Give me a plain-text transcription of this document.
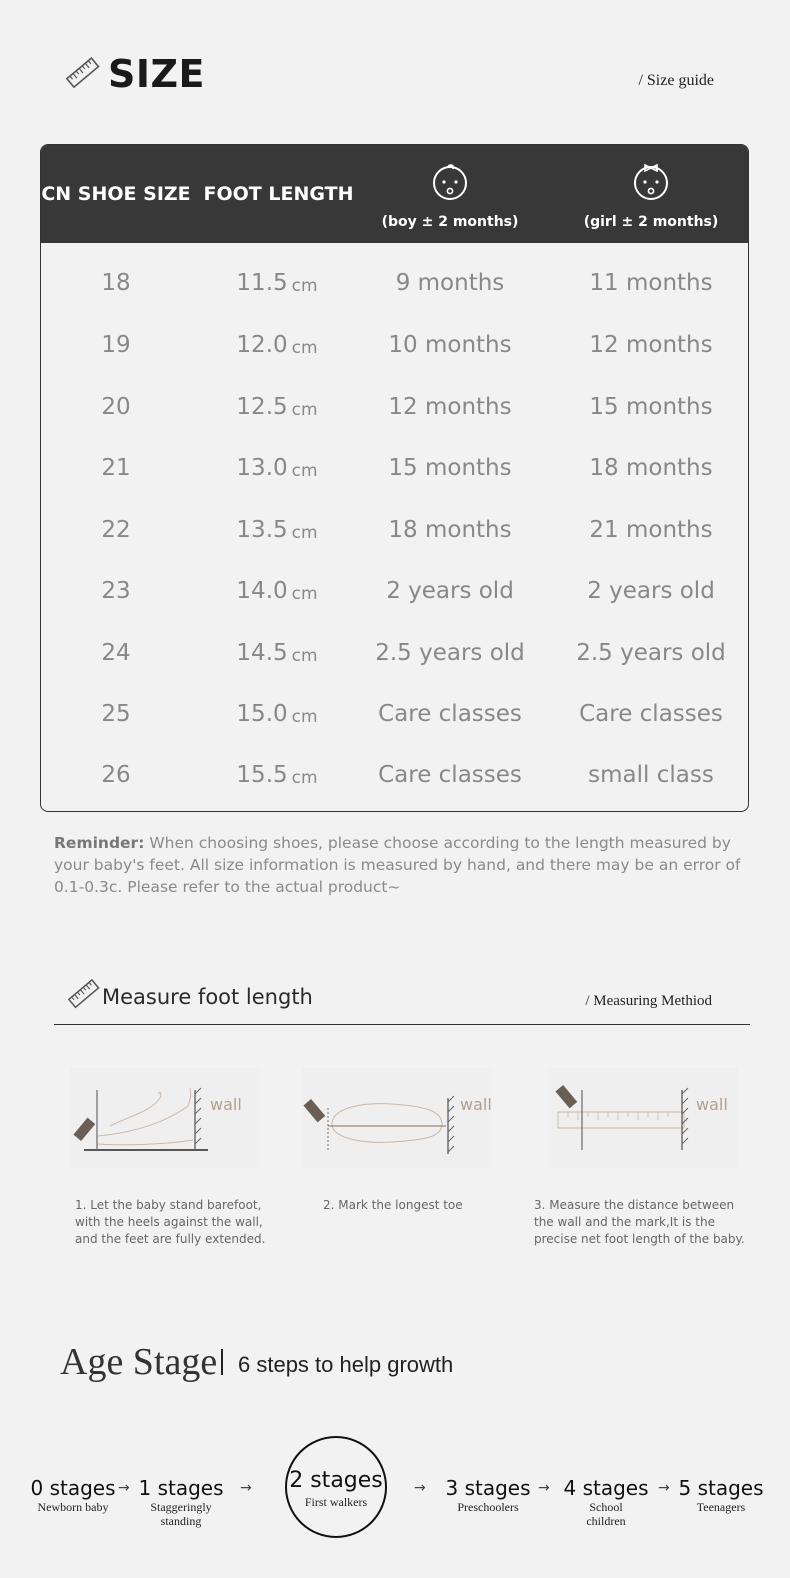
SIZE	/ Size guide
CN SHOE SIZE FOOT LENGTH
(boy ± 2 months)	(girl ± 2 months)
18	11.5 cm	9 months	11 months
19	12.0 cm	10 months	12 months
20	12.5 cm	12 months	15 months
21	13.0 cm	15 months	18 months
22	13.5 cm	18 months	21 months
23	14.0 cm	2 years old	2 years old
24	14.5 cm	2.5 years old	2.5 years old
25	15.0 cm	Care classes	Care classes
26	15.5 cm	Care classes	small class
Reminder: When choosing shoes, please choose according to the length measured by your baby's feet. All size information is measured by hand, and there may be an error of 0.1-0.3c. Please refer to the actual product~
Measure foot length	/ Measuring Methiod
wall	wall	wall
1. Let the baby stand barefoot, with the heels against the wall, and the feet are fully extended.
2. Mark the longest toe	3. Measure the distance between the wall and the mark,It is the precise net foot length of the baby.
Age Stage 6 steps to help growth
0 stages
Newborn baby
→ 1 stages
Staggeringly standing
→ 2 stages
First walkers
→ 3 stages
Preschoolers
→ 4 stages
School children
→ 5 stages
Teenagers
